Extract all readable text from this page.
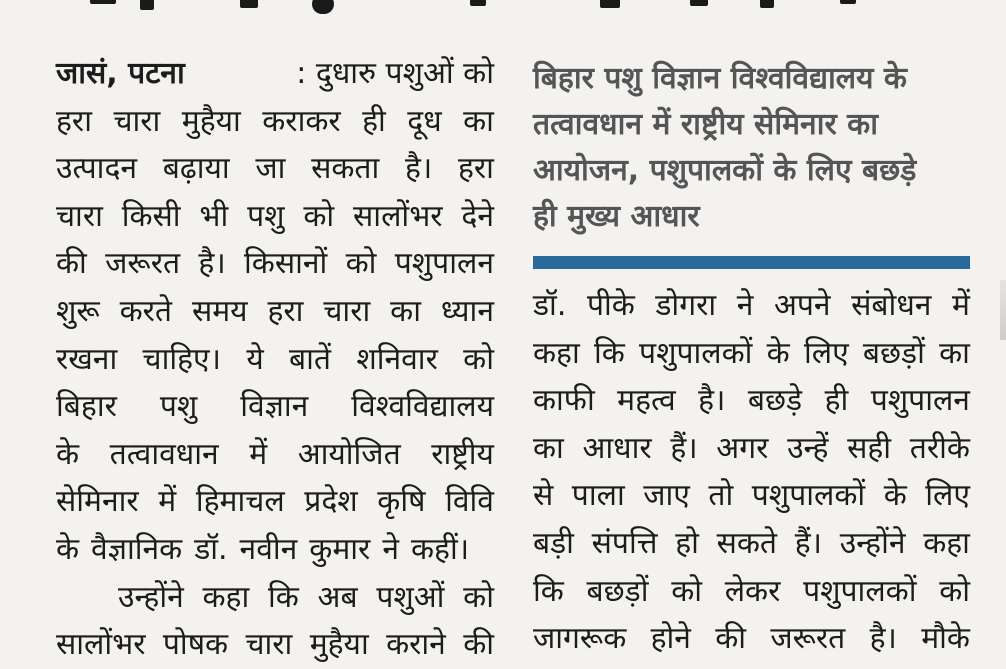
जासं, पटना	: दुधारु पशुओं को
हरा चारा मुहैया कराकर ही दूध का
उत्पादन बढ़ाया जा सकता है। हरा
चारा किसी भी पशु को सालोंभर देने
की जरूरत है। किसानों को पशुपालन
शुरू करते समय हरा चारा का ध्यान
रखना चाहिए। ये बातें शनिवार को
बिहार पशु विज्ञान विश्वविद्यालय
के तत्वावधान में आयोजित राष्ट्रीय
सेमिनार में हिमाचल प्रदेश कृषि विवि
के वैज्ञानिक डॉ. नवीन कुमार ने कहीं।
उन्होंने कहा कि अब पशुओं को
सालोंभर पोषक चारा मुहैया कराने की
बिहार पशु विज्ञान विश्वविद्यालय के
तत्वावधान में राष्ट्रीय सेमिनार का
आयोजन, पशुपालकों के लिए बछड़े
ही मुख्य आधार
डॉ. पीके डोगरा ने अपने संबोधन में
कहा कि पशुपालकों के लिए बछड़ों का
काफी महत्व है। बछड़े ही पशुपालन
का आधार हैं। अगर उन्हें सही तरीके
से पाला जाए तो पशुपालकों के लिए
बड़ी संपत्ति हो सकते हैं। उन्होंने कहा
कि बछड़ों को लेकर पशुपालकों को
जागरूक होने की जरूरत है। मौके
